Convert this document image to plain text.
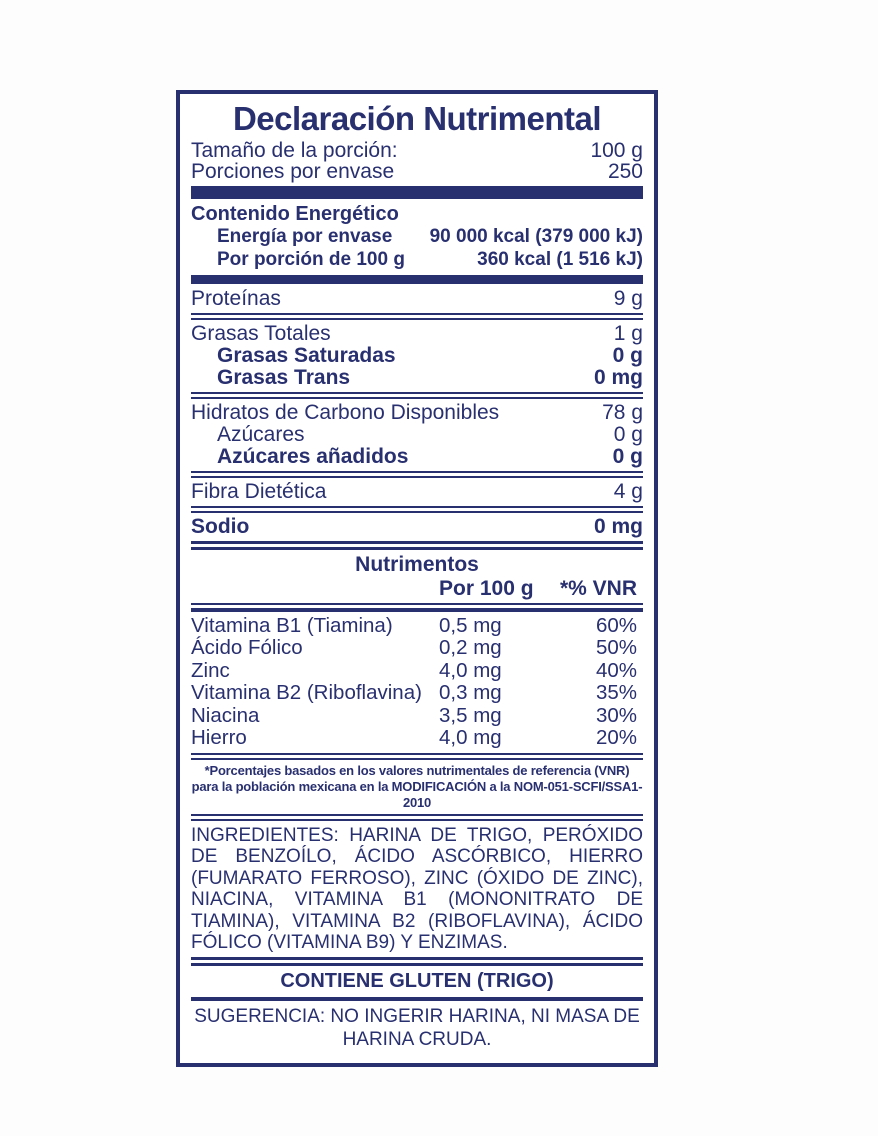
Declaración Nutrimental
Tamaño de la porción:	100 g
Porciones por envase	250
Contenido Energético
Energía por envase 90 000 kcal (379 000 kJ)
Por porción de 100 g	360 kcal (1 516 kJ)
Proteínas	9 g
Grasas Totales	1 g
Grasas Saturadas	0 g
Grasas Trans	0 mg
Hidratos de Carbono Disponibles	78 g
Azúcares	0 g
Azúcares añadidos	0 g
Fibra Dietética	4 g
Sodio	0 mg
Nutrimentos
Por 100 g	*% VNR
Vitamina B1 (Tiamina)	0,5 mg	60%
Ácido Fólico	0,2 mg	50%
Zinc	4,0 mg	40%
Vitamina B2 (Riboflavina) 0,3 mg	35%
Niacina	3,5 mg	30%
Hierro	4,0 mg	20%
*Porcentajes basados en los valores nutrimentales de referencia (VNR) para la población mexicana en la MODIFICACIÓN a la NOM-051-SCFI/SSA1-2010
INGREDIENTES: HARINA DE TRIGO, PERÓXIDO DE BENZOÍLO, ÁCIDO ASCÓRBICO, HIERRO (FUMARATO FERROSO), ZINC (ÓXIDO DE ZINC), NIACINA, VITAMINA B1 (MONONITRATO DE TIAMINA), VITAMINA B2 (RIBOFLAVINA), ÁCIDO FÓLICO (VITAMINA B9) Y ENZIMAS.
CONTIENE GLUTEN (TRIGO)
SUGERENCIA: NO INGERIR HARINA, NI MASA DE HARINA CRUDA.
